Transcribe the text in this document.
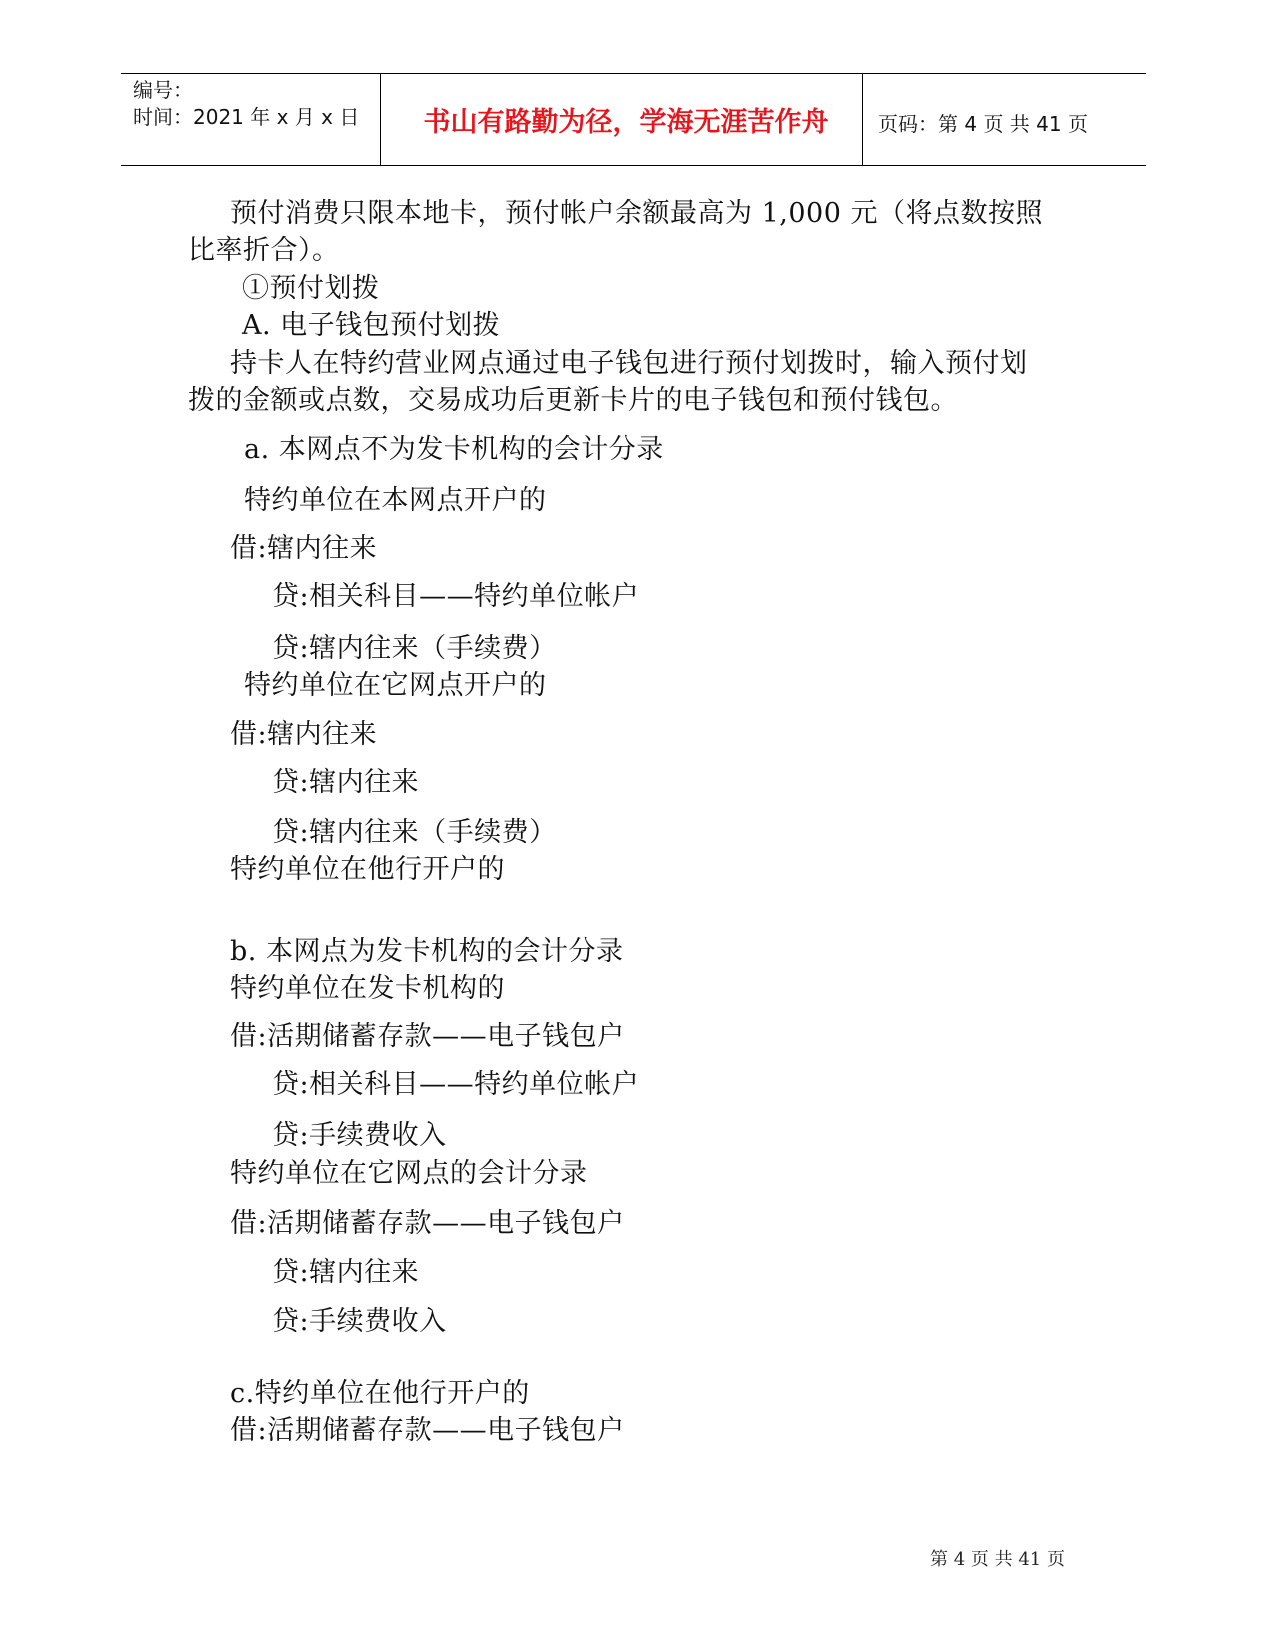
编号：
时间：2021 年 x 月 x 日	书山有路勤为径，学海无涯苦作舟	页码：第 4 页 共 41 页
预付消费只限本地卡，预付帐户余额最高为 1,000 元（将点数按照
比率折合）。
①预付划拨
A. 电子钱包预付划拨
持卡人在特约营业网点通过电子钱包进行预付划拨时，输入预付划
拨的金额或点数，交易成功后更新卡片的电子钱包和预付钱包。
a. 本网点不为发卡机构的会计分录
特约单位在本网点开户的
借:辖内往来
贷:相关科目——特约单位帐户
贷:辖内往来（手续费）
特约单位在它网点开户的
借:辖内往来
贷:辖内往来
贷:辖内往来（手续费）
特约单位在他行开户的
b. 本网点为发卡机构的会计分录
特约单位在发卡机构的
借:活期储蓄存款——电子钱包户
贷:相关科目——特约单位帐户
贷:手续费收入
特约单位在它网点的会计分录
借:活期储蓄存款——电子钱包户
贷:辖内往来
贷:手续费收入
c.特约单位在他行开户的
借:活期储蓄存款——电子钱包户
第 4 页 共 41 页
